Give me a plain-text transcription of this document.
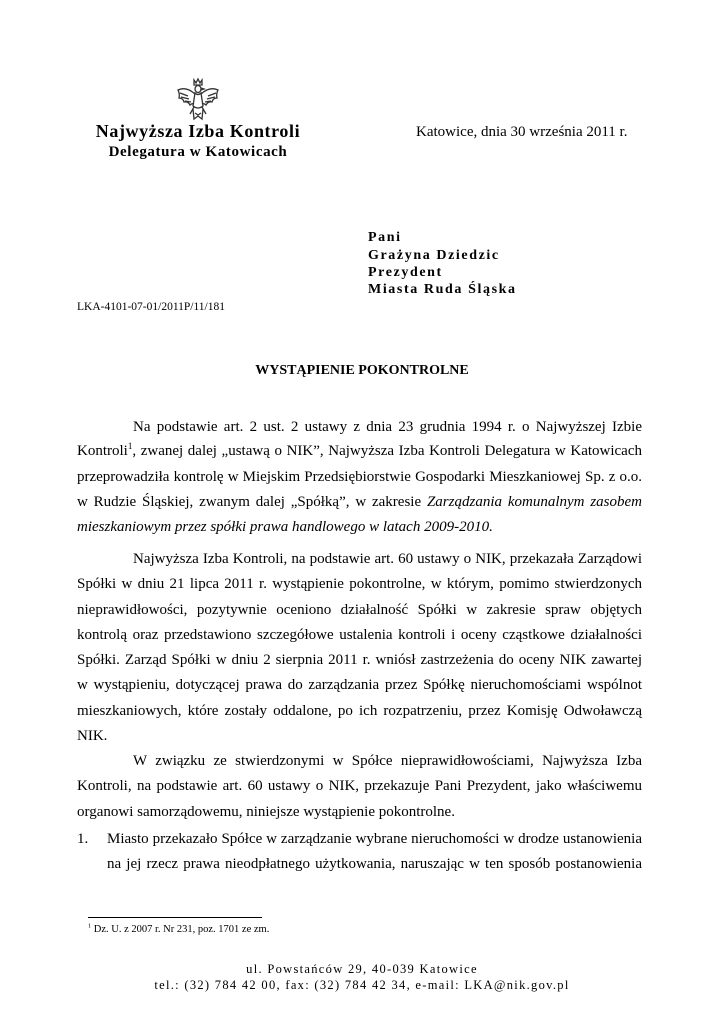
Najwyższa Izba Kontroli
Delegatura w Katowicach
Katowice, dnia 30 września 2011 r.
Pani
Grażyna Dziedzic
Prezydent
Miasta Ruda Śląska
LKA-4101-07-01/2011P/11/181
WYSTĄPIENIE POKONTROLNE
Na podstawie art. 2 ust. 2 ustawy z dnia 23 grudnia 1994 r. o Najwyższej Izbie
Kontroli$^1$, zwanej dalej „ustawą o NIK”, Najwyższa Izba Kontroli Delegatura w Katowicach
przeprowadziła kontrolę w Miejskim Przedsiębiorstwie Gospodarki Mieszkaniowej Sp. z o.o.
w Rudzie Śląskiej, zwanym dalej „Spółką”, w zakresie Zarządzania komunalnym zasobem
mieszkaniowym przez spółki prawa handlowego w latach 2009-2010.
Najwyższa Izba Kontroli, na podstawie art. 60 ustawy o NIK, przekazała Zarządowi
Spółki w dniu 21 lipca 2011 r. wystąpienie pokontrolne, w którym, pomimo stwierdzonych
nieprawidłowości, pozytywnie oceniono działalność Spółki w zakresie spraw objętych
kontrolą oraz przedstawiono szczegółowe ustalenia kontroli i oceny cząstkowe działalności
Spółki. Zarząd Spółki w dniu 2 sierpnia 2011 r. wniósł zastrzeżenia do oceny NIK zawartej
w wystąpieniu, dotyczącej prawa do zarządzania przez Spółkę nieruchomościami wspólnot
mieszkaniowych, które zostały oddalone, po ich rozpatrzeniu, przez Komisję Odwoławczą
NIK.
W związku ze stwierdzonymi w Spółce nieprawidłowościami, Najwyższa Izba
Kontroli, na podstawie art. 60 ustawy o NIK, przekazuje Pani Prezydent, jako właściwemu
organowi samorządowemu, niniejsze wystąpienie pokontrolne.
1. Miasto przekazało Spółce w zarządzanie wybrane nieruchomości w drodze ustanowienia
na jej rzecz prawa nieodpłatnego użytkowania, naruszając w ten sposób postanowienia
$^1$ Dz. U. z 2007 r. Nr 231, poz. 1701 ze zm.
ul. Powstańców 29, 40-039 Katowice
tel.: (32) 784 42 00, fax: (32) 784 42 34, e-mail: LKA@nik.gov.pl
